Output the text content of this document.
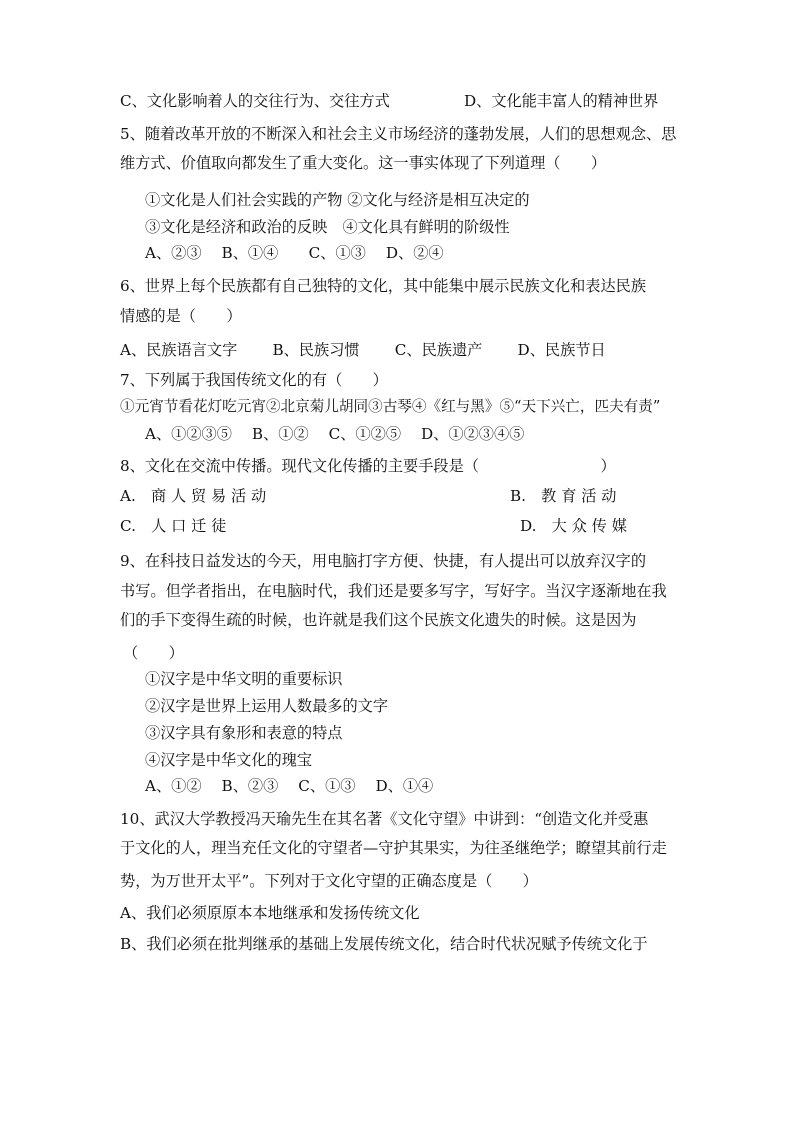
C、文化影响着人的交往行为、交往方式	D、文化能丰富人的精神世界
5、随着改革开放的不断深入和社会主义市场经济的蓬勃发展，人们的思想观念、思
维方式、价值取向都发生了重大变化。这一事实体现了下列道理（　　）
①文化是人们社会实践的产物 ②文化与经济是相互决定的
③文化是经济和政治的反映　④文化具有鲜明的阶级性
A、②③　 B、①④　　C、①③　 D、②④
6、世界上每个民族都有自己独特的文化，其中能集中展示民族文化和表达民族
情感的是（　　）
A、民族语言文字　　 B、民族习惯　　 C、民族遗产　　 D、民族节日
7、下列属于我国传统文化的有（　　）
①元宵节看花灯吃元宵②北京菊儿胡同③古琴④《红与黑》⑤“天下兴亡，匹夫有责”
A、①②③⑤　 B、①②　 C、①②⑤　 D、①②③④⑤
8、文化在交流中传播。现代文化传播的主要手段是（　　　　　　　　）
A.　商 人 贸 易 活 动	B.　教 育 活 动
C.　人 口 迁 徒	D.　大 众 传 媒
9、在科技日益发达的今天，用电脑打字方便、快捷，有人提出可以放弃汉字的
书写。但学者指出，在电脑时代，我们还是要多写字，写好字。当汉字逐渐地在我
们的手下变得生疏的时候，也许就是我们这个民族文化遗失的时候。这是因为
（　　）
①汉字是中华文明的重要标识
②汉字是世界上运用人数最多的文字
③汉字具有象形和表意的特点
④汉字是中华文化的瑰宝
A、①②　 B、②③　 C、①③　 D、①④
10、武汉大学教授冯天瑜先生在其名著《文化守望》中讲到：“创造文化并受惠
于文化的人，理当充任文化的守望者—守护其果实，为往圣继绝学；瞭望其前行走
势，为万世开太平”。下列对于文化守望的正确态度是（　　）
A、我们必须原原本本地继承和发扬传统文化
B、我们必须在批判继承的基础上发展传统文化，结合时代状况赋予传统文化于
